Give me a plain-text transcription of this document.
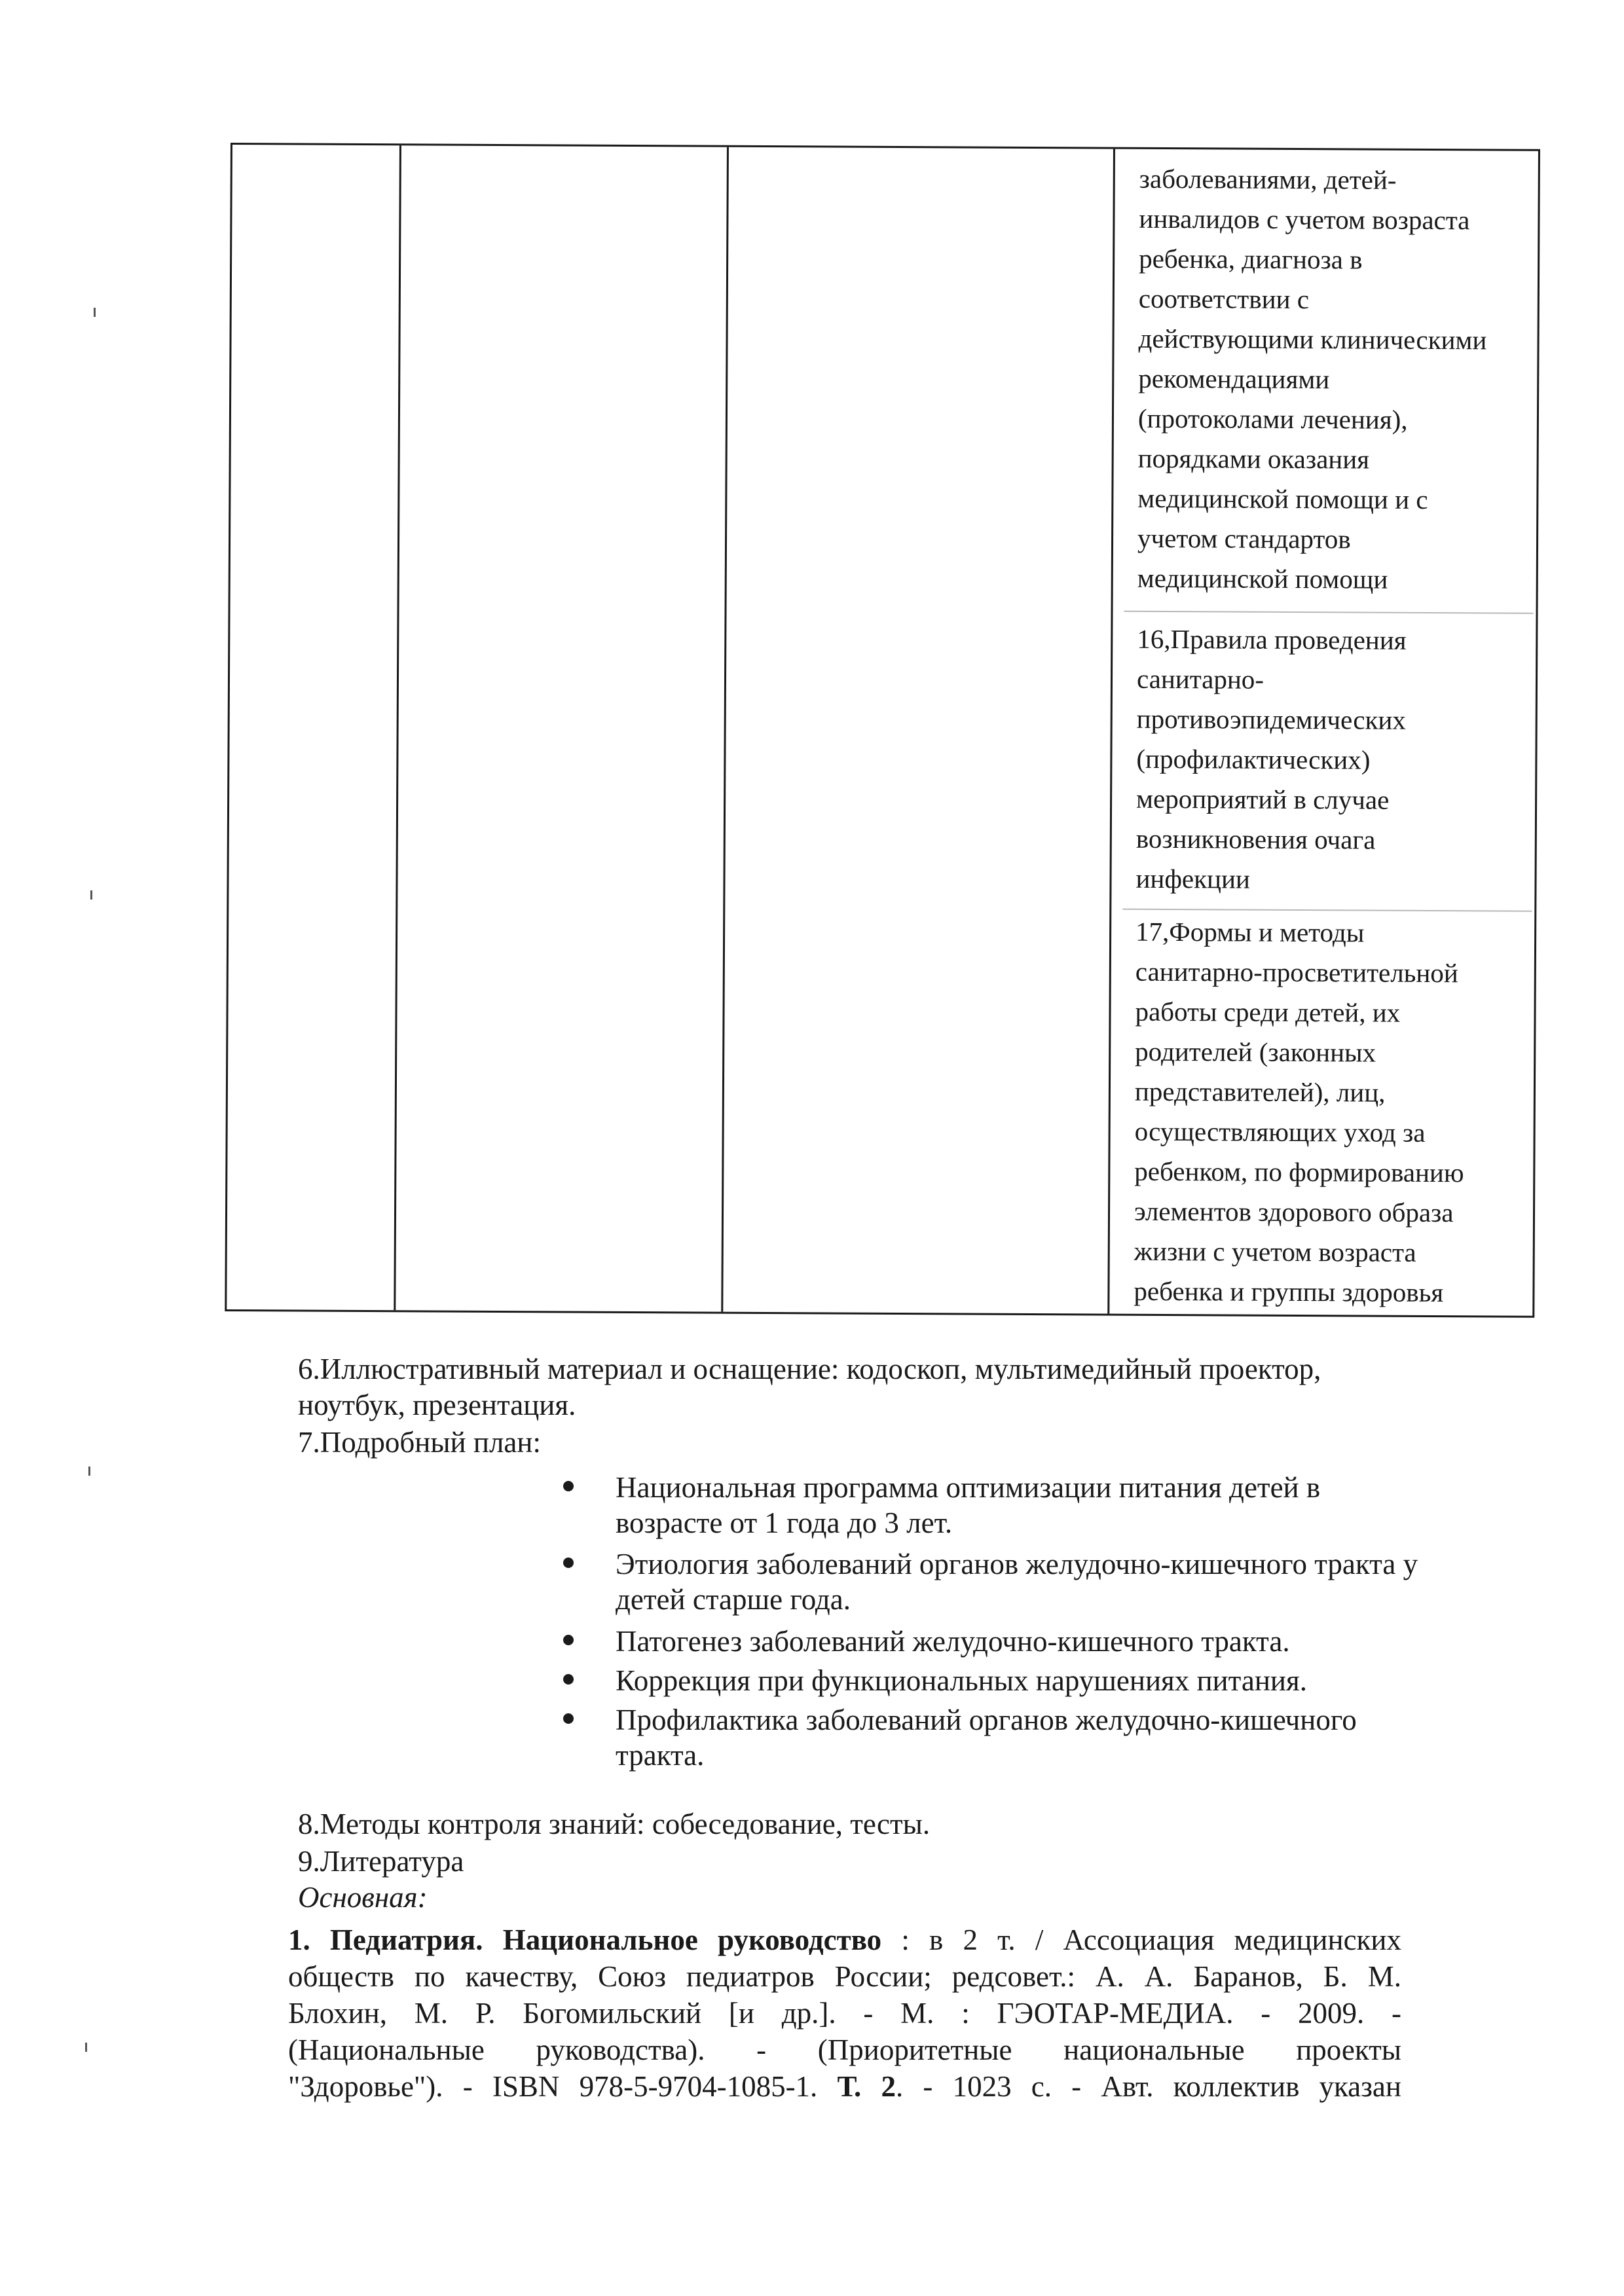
заболеваниями, детей-
инвалидов с учетом возраста
ребенка, диагноза в
соответствии с
действующими клиническими
рекомендациями
(протоколами лечения),
порядками оказания
медицинской помощи и с
учетом стандартов
медицинской помощи
16,Правила проведения
санитарно-
противоэпидемических
(профилактических)
мероприятий в случае
возникновения очага
инфекции
17,Формы и методы
санитарно-просветительной
работы среди детей, их
родителей (законных
представителей), лиц,
осуществляющих уход за
ребенком, по формированию
элементов здорового образа
жизни с учетом возраста
ребенка и группы здоровья
6.Иллюстративный материал и оснащение: кодоскоп, мультимедийный проектор,
ноутбук, презентация.
7.Подробный план:
Национальная программа оптимизации питания детей в
возрасте от 1 года до 3 лет.
Этиология заболеваний органов желудочно-кишечного тракта у
детей старше года.
Патогенез заболеваний желудочно-кишечного тракта.
Коррекция при функциональных нарушениях питания.
Профилактика заболеваний органов желудочно-кишечного
тракта.
8.Методы контроля знаний: собеседование, тесты.
9.Литература
Основная:
1. Педиатрия. Национальное руководство : в 2 т. / Ассоциация медицинских
обществ по качеству, Союз педиатров России; редсовет.: А. А. Баранов, Б. М.
Блохин, М. Р. Богомильский [и др.]. - М. : ГЭОТАР-МЕДИА. - 2009. -
(Национальные руководства). - (Приоритетные национальные проекты
"Здоровье"). - ISBN 978-5-9704-1085-1. Т. 2. - 1023 с. - Авт. коллектив указан
